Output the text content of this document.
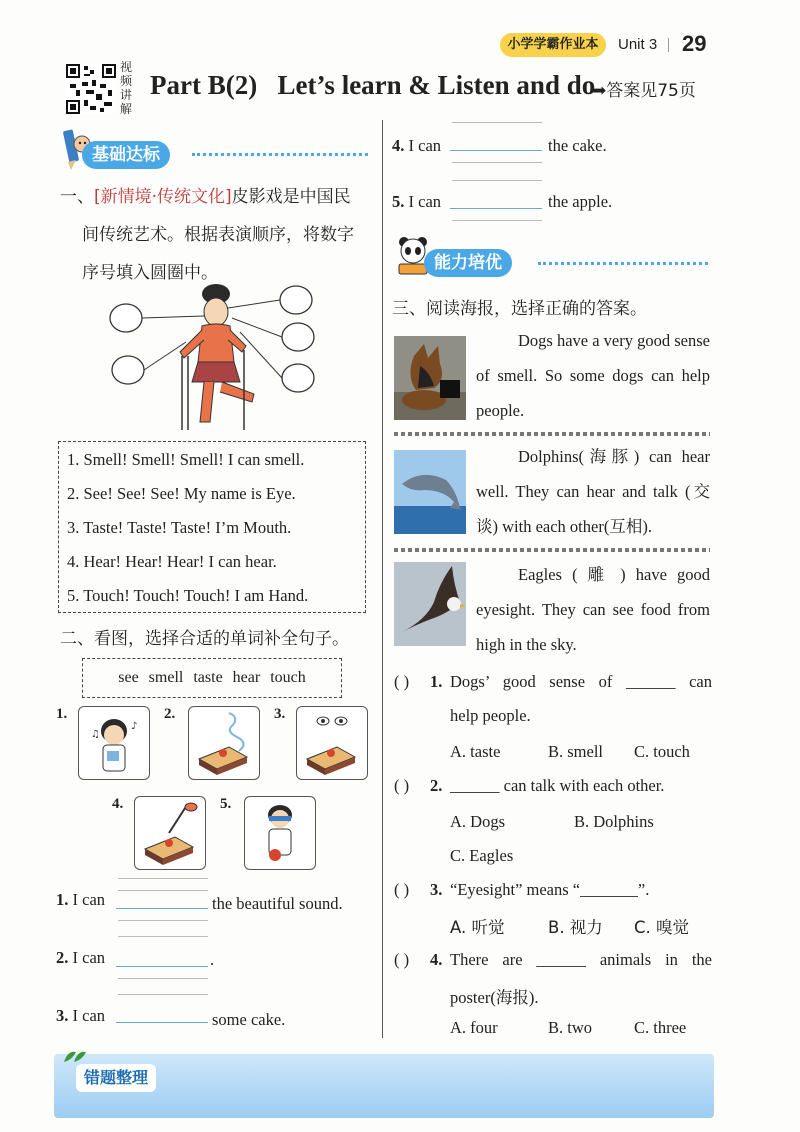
小学学霸作业本	Unit 3 29
视频讲解
Part B(2)   Let’s learn & Listen and do
➡答案见75页
基础达标
一、[新情境·传统文化]皮影戏是中国民
间传统艺术。根据表演顺序，将数字
序号填入圆圈中。
1. Smell! Smell! Smell! I can smell.
2. See! See! See! My name is Eye.
3. Taste! Taste! Taste! I’m Mouth.
4. Hear! Hear! Hear! I can hear.
5. Touch! Touch! Touch! I am Hand.
二、看图，选择合适的单词补全句子。
see smell taste hear touch
1.
♪
♫
2.	3.
4.	5.
1. I can	the beautiful sound.
2. I can	.
3. I can	some cake.
4. I can	the cake.
5. I can	the apple.
能力培优
三、阅读海报，选择正确的答案。
( ) 1. Dogs’ good sense of ______ can
help people.
A. taste	B. smell C. touch
( ) 2. ______ can talk with each other.
A. Dogs	B. Dolphins
C. Eagles
( ) 3. “Eyesight” means “_______”.
A. 听觉	B. 视力 C. 嗅觉
( ) 4. There are ______ animals in the
poster(海报).
A. four	B. two	C. three
错题整理
Dogs have a very good sense of smell. So some dogs can help people.
Dolphins(海豚) can hear well. They can hear and talk (交谈) with each other(互相).
Eagles ( 雕 ) have good eyesight. They can see food from high in the sky.
